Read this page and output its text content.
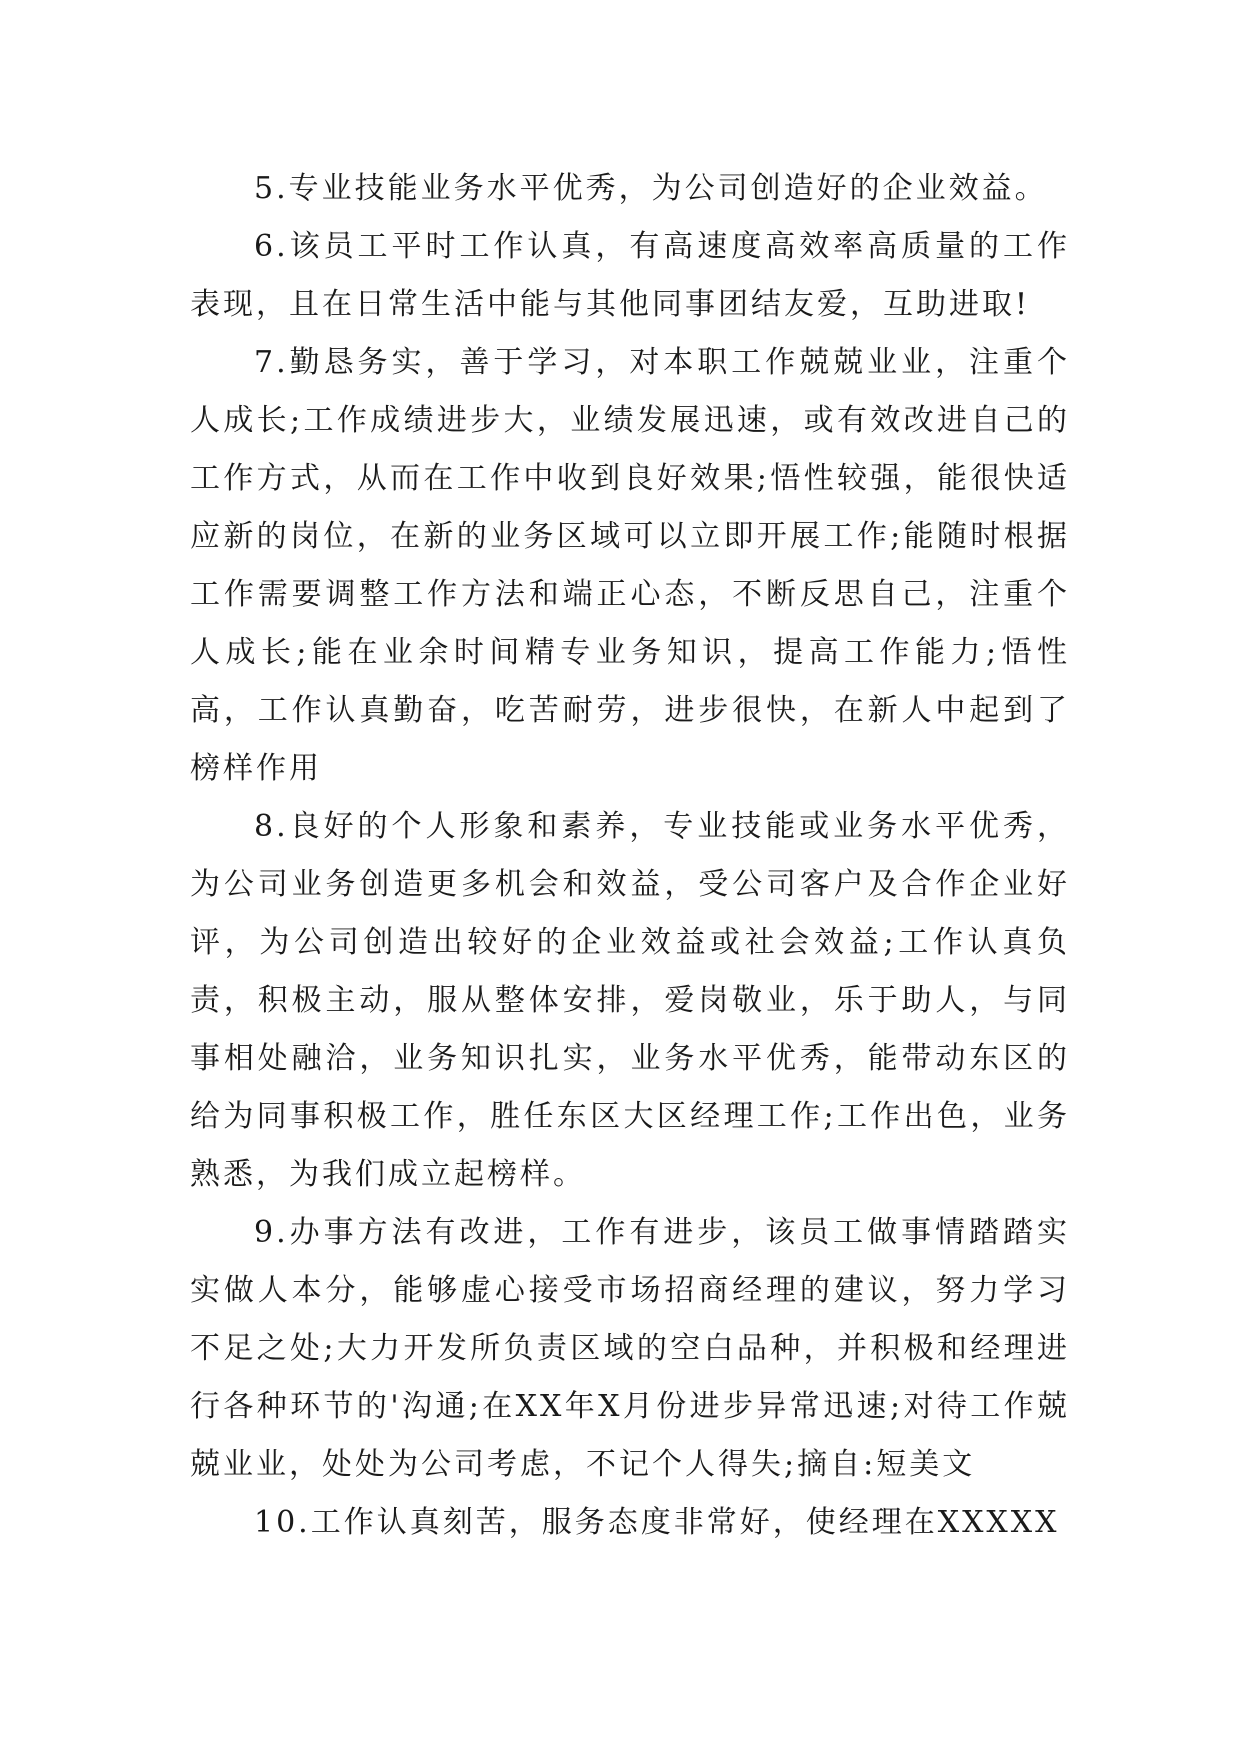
5.专业技能业务水平优秀，为公司创造好的企业效益。

6.该员工平时工作认真，有高速度高效率高质量的工作表现，且在日常生活中能与其他同事团结友爱，互助进取!

7.勤恳务实，善于学习，对本职工作兢兢业业，注重个人成长;工作成绩进步大，业绩发展迅速，或有效改进自己的工作方式，从而在工作中收到良好效果;悟性较强，能很快适应新的岗位，在新的业务区域可以立即开展工作;能随时根据工作需要调整工作方法和端正心态，不断反思自己，注重个人成长;能在业余时间精专业务知识，提高工作能力;悟性高，工作认真勤奋，吃苦耐劳，进步很快，在新人中起到了榜样作用

8.良好的个人形象和素养，专业技能或业务水平优秀，为公司业务创造更多机会和效益，受公司客户及合作企业好评，为公司创造出较好的企业效益或社会效益;工作认真负责，积极主动，服从整体安排，爱岗敬业，乐于助人，与同事相处融洽，业务知识扎实，业务水平优秀，能带动东区的给为同事积极工作，胜任东区大区经理工作;工作出色，业务熟悉，为我们成立起榜样。

9.办事方法有改进，工作有进步，该员工做事情踏踏实实做人本分，能够虚心接受市场招商经理的建议，努力学习不足之处;大力开发所负责区域的空白品种，并积极和经理进行各种环节的'沟通;在XX年X月份进步异常迅速;对待工作兢兢业业，处处为公司考虑，不记个人得失;摘自:短美文

10.工作认真刻苦，服务态度非常好，使经理在XXXXX
